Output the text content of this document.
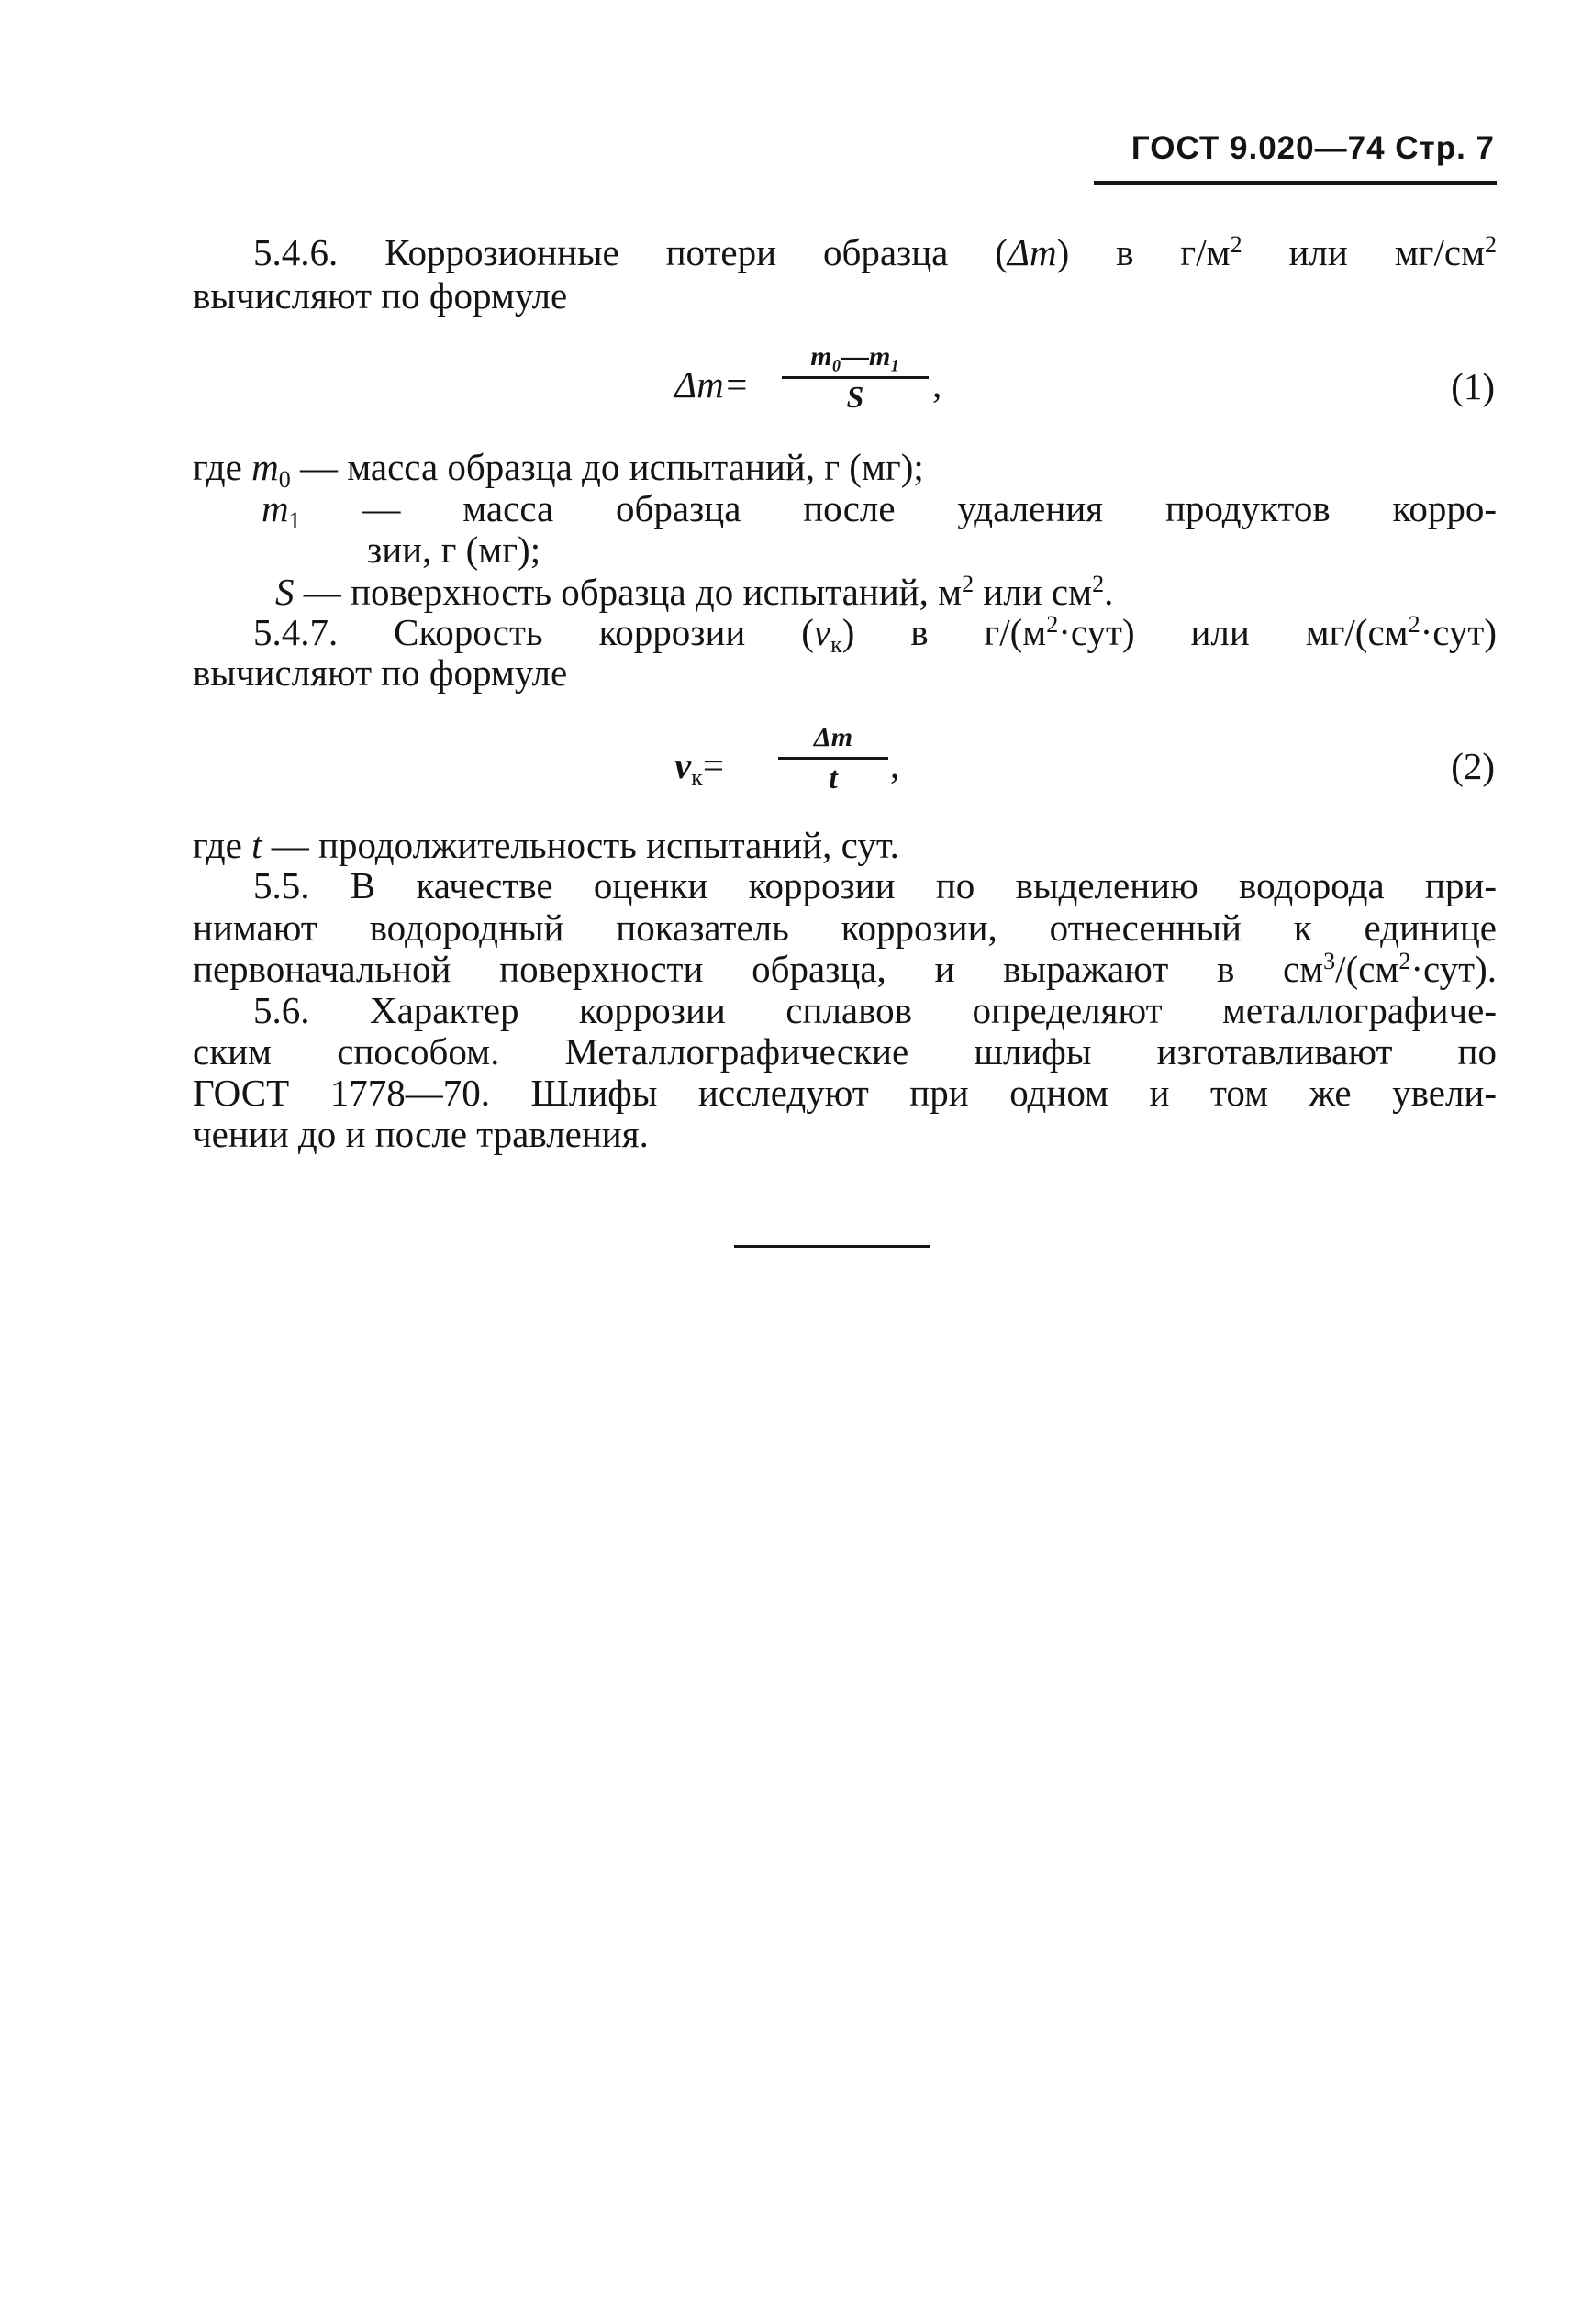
ГОСТ 9.020—74 Стр. 7
5.4.6. Коррозионные потери образца (Δm) в $г/м^2$ или $мг/см^2$
вычисляют по формуле
$\Delta m= \frac{\text{m₀—m₁}}{S}$ ,	(1)
где $m_0$ — масса образца до испытаний, г (мг);
$m_1$ — масса образца после удаления продуктов корро-
зии, г (мг);
S — поверхность образца до испытаний, $м^2$ или $см^2$.
5.4.7. Скорость коррозии $(v_к)$ в $г/(м^2\cdot сут)$ или $мг/(см^2\cdot сут)$
вычисляют по формуле
$v_к= \frac{\Delta m}{t}$ ,	(2)
где t — продолжительность испытаний, сут.
5.5. В качестве оценки коррозии по выделению водорода при-
нимают водородный показатель коррозии, отнесенный к единице
первоначальной поверхности образца, и выражают в $см^3/(см^2\cdot сут)$.
5.6. Характер коррозии сплавов определяют металлографиче-
ским способом. Металлографические шлифы изготавливают по
ГОСТ 1778—70. Шлифы исследуют при одном и том же увели-
чении до и после травления.
